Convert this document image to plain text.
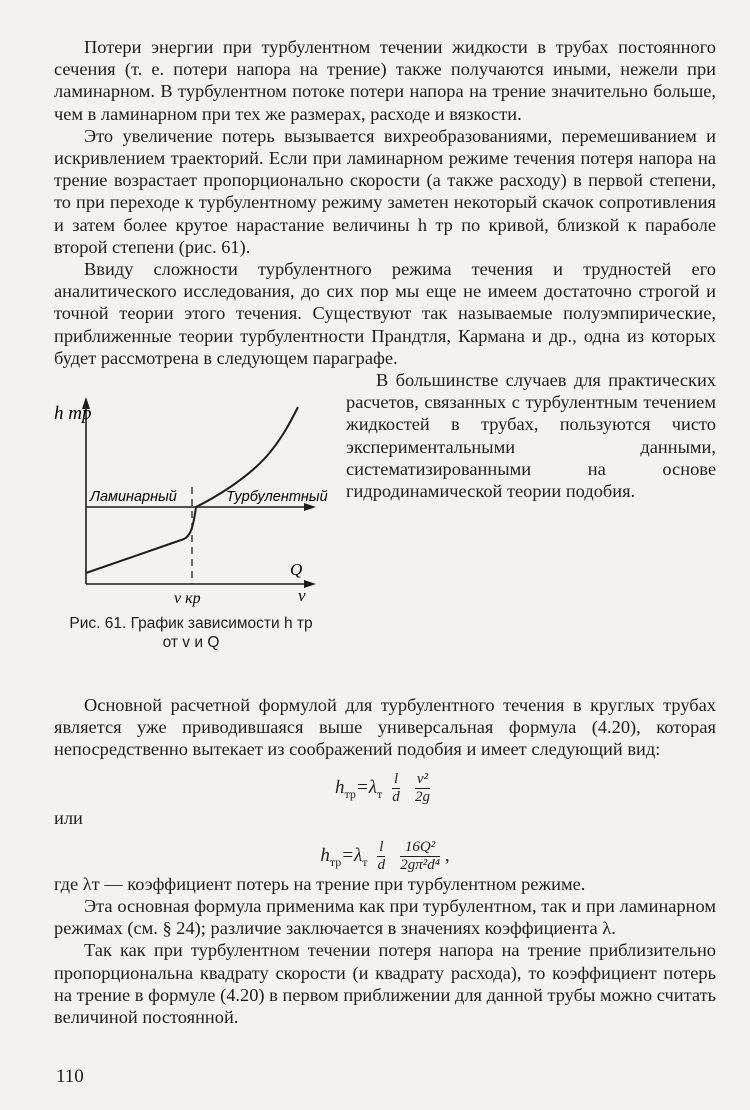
Потери энергии при турбулентном течении жидкости в трубах постоянного сечения (т. е. потери напора на трение) также получаются иными, нежели при ламинарном. В турбулентном потоке потери напора на трение значительно больше, чем в ламинарном при тех же размерах, расходе и вязкости.

Это увеличение потерь вызывается вихреобразованиями, перемешиванием и искривлением траекторий. Если при ламинарном режиме течения потеря напора на трение возрастает пропорционально скорости (а также расходу) в первой степени, то при переходе к турбулентному режиму заметен некоторый скачок сопротивления и затем более крутое нарастание величины h тр по кривой, близкой к параболе второй степени (рис. 61).

Ввиду сложности турбулентного режима течения и трудностей его аналитического исследования, до сих пор мы еще не имеем достаточно строгой и точной теории этого течения. Существуют так называемые полуэмпирические, приближенные теории турбулентности Прандтля, Кармана и др., одна из которых будет рассмотрена в следующем параграфе.

h тр
Ламинарный	Турбулентный
Q
v
v кр
Рис. 61. График зависимости h тр
от v и Q

В большинстве случаев для практических расчетов, связанных с турбулентным течением жидкостей в трубах, пользуются чисто экспериментальными данными, систематизированными на основе гидродинамической теории подобия.

Основной расчетной формулой для турбулентного течения в круглых трубах является уже приводившаяся выше универсальная формула (4.20), которая непосредственно вытекает из соображений подобия и имеет следующий вид:

$h_{тр}=\lambda_т \frac{l}{d}$
$\frac{\text{v²}}{2g}$

или

$h_{тр}=\lambda_т \frac{l}{d}$
$\frac{\text{16Q²}}{\text{2gπ²d⁴}}$ ,

где λт — коэффициент потерь на трение при турбулентном режиме.

Эта основная формула применима как при турбулентном, так и при ламинарном режимах (см. § 24); различие заключается в значениях коэффициента λ.

Так как при турбулентном течении потеря напора на трение приблизительно пропорциональна квадрату скорости (и квадрату расхода), то коэффициент потерь на трение в формуле (4.20) в первом приближении для данной трубы можно считать величиной постоянной.

110
